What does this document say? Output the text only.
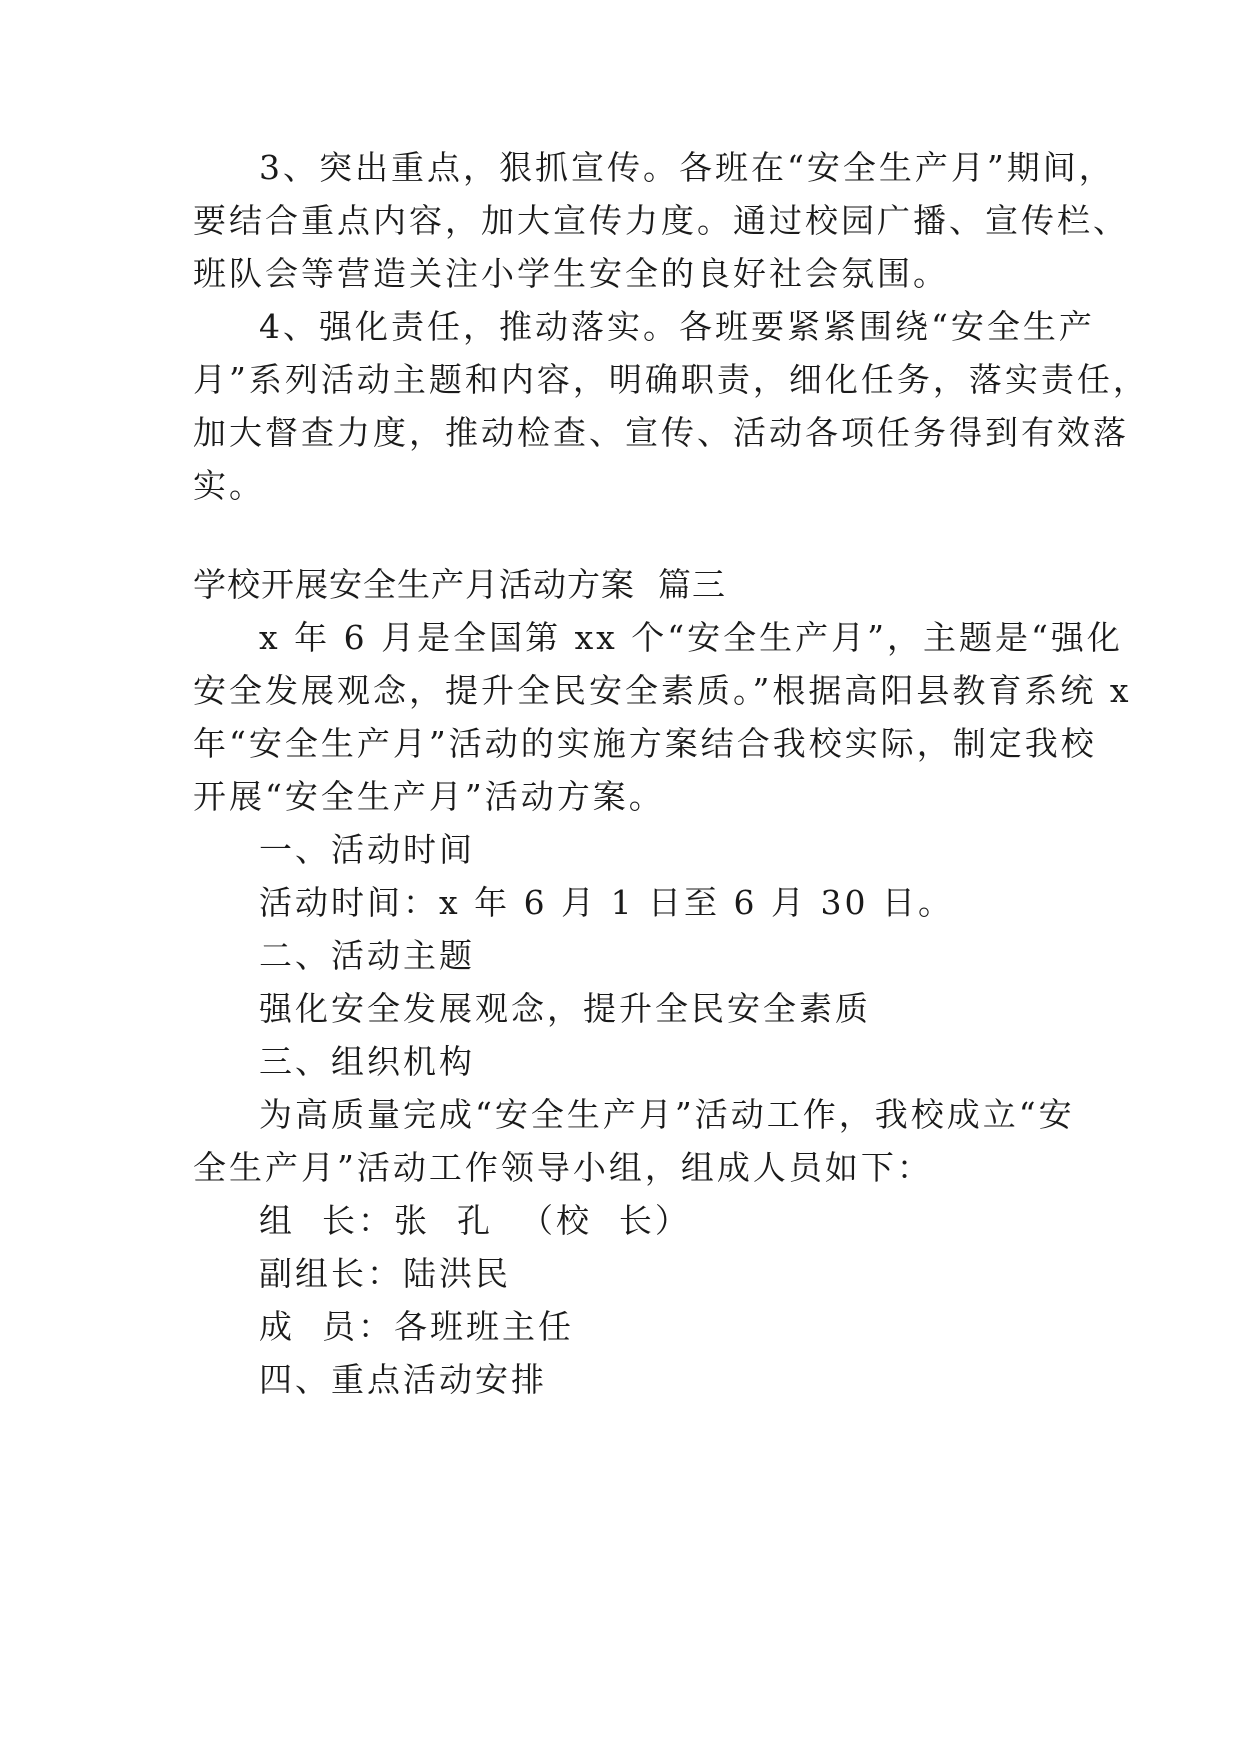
3、突出重点，狠抓宣传。各班在“安全生产月”期间，
要结合重点内容，加大宣传力度。通过校园广播、宣传栏、
班队会等营造关注小学生安全的良好社会氛围。
4、强化责任，推动落实。各班要紧紧围绕“安全生产
月”系列活动主题和内容，明确职责，细化任务，落实责任，
加大督查力度，推动检查、宣传、活动各项任务得到有效落
实。
学校开展安全生产月活动方案  篇三
x 年 6 月是全国第 xx 个“安全生产月”，主题是“强化
安全发展观念，提升全民安全素质。”根据高阳县教育系统 x
年“安全生产月”活动的实施方案结合我校实际，制定我校
开展“安全生产月”活动方案。
一、活动时间
活动时间：x 年 6 月 1 日至 6 月 30 日。
二、活动主题
强化安全发展观念，提升全民安全素质
三、组织机构
为高质量完成“安全生产月”活动工作，我校成立“安
全生产月”活动工作领导小组，组成人员如下：
组  长：张  孔  （校  长）
副组长：陆洪民
成  员：各班班主任
四、重点活动安排
